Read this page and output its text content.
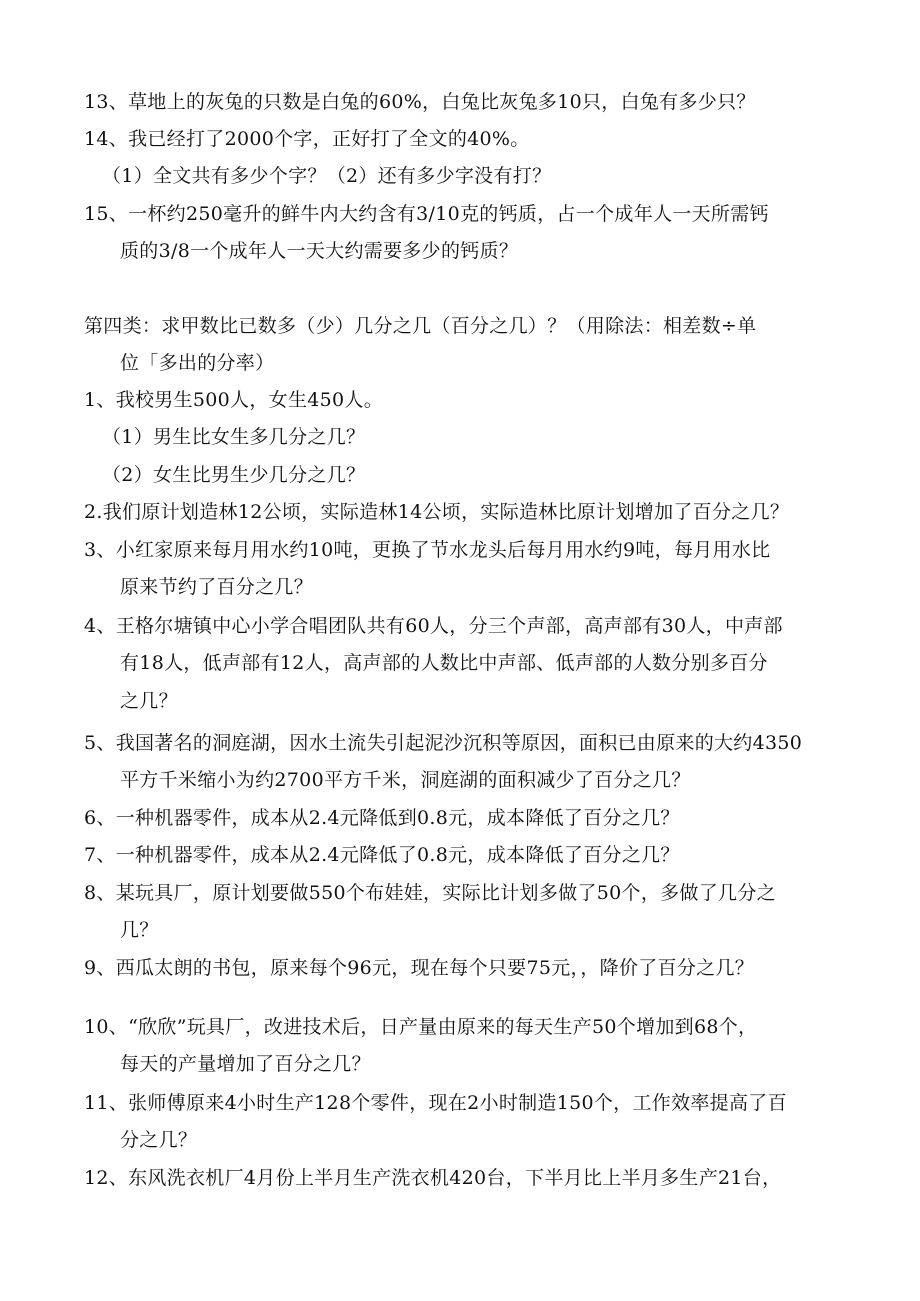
13、草地上的灰兔的只数是白兔的60%，白兔比灰兔多10只，白兔有多少只？
14、我已经打了2000个字，正好打了全文的40%。
（1）全文共有多少个字？（2）还有多少字没有打？
15、一杯约250毫升的鲜牛内大约含有3/10克的钙质，占一个成年人一天所需钙
质的3/8一个成年人一天大约需要多少的钙质？
第四类：求甲数比已数多（少）几分之几（百分之几）？（用除法：相差数÷单
位「多出的分率）
1、我校男生500人，女生450人。
（1）男生比女生多几分之几？
（2）女生比男生少几分之几？
2.我们原计划造林12公顷，实际造林14公顷，实际造林比原计划增加了百分之几？
3、小红家原来每月用水约10吨，更换了节水龙头后每月用水约9吨，每月用水比
原来节约了百分之几？
4、王格尔塘镇中心小学合唱团队共有60人，分三个声部，高声部有30人，中声部
有18人，低声部有12人，高声部的人数比中声部、低声部的人数分别多百分
之几？
5、我国著名的洞庭湖，因水土流失引起泥沙沉积等原因，面积已由原来的大约4350
平方千米缩小为约2700平方千米，洞庭湖的面积减少了百分之几？
6、一种机器零件，成本从2.4元降低到0.8元，成本降低了百分之几？
7、一种机器零件，成本从2.4元降低了0.8元，成本降低了百分之几？
8、某玩具厂，原计划要做550个布娃娃，实际比计划多做了50个，多做了几分之
几？
9、西瓜太朗的书包，原来每个96元，现在每个只要75元，，降价了百分之几？
10、“欣欣”玩具厂，改进技术后，日产量由原来的每天生产50个增加到68个，
每天的产量增加了百分之几？
11、张师傅原来4小时生产128个零件，现在2小时制造150个，工作效率提高了百
分之几？
12、东风洗衣机厂4月份上半月生产洗衣机420台，下半月比上半月多生产21台，
